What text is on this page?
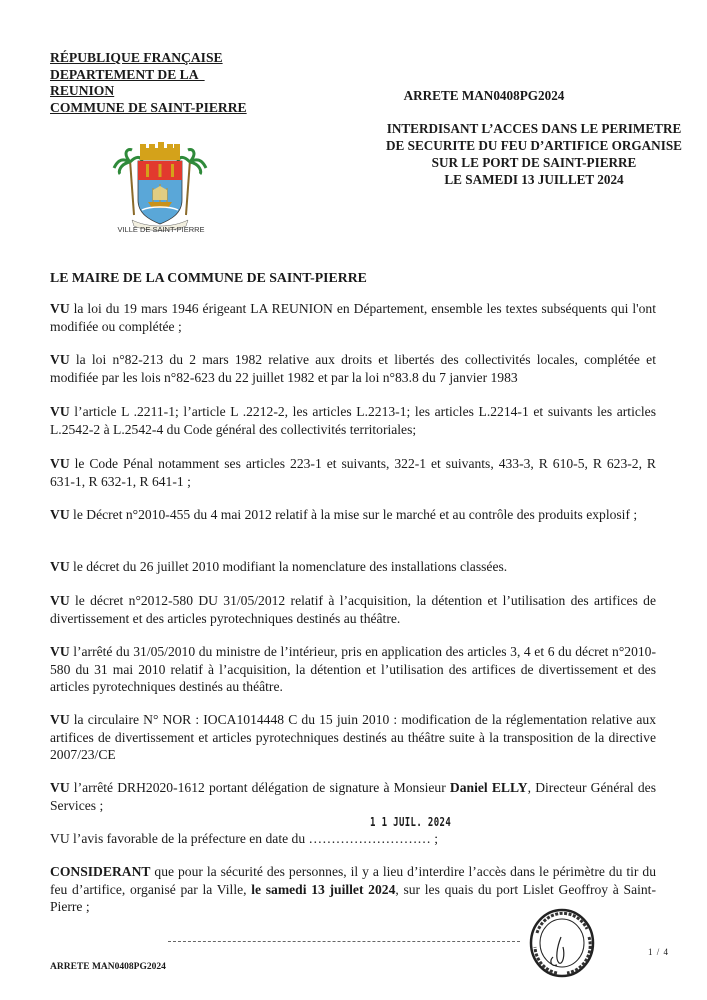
RÉPUBLIQUE FRANÇAISE
DEPARTEMENT DE LA
REUNION
COMMUNE DE SAINT-PIERRE
ARRETE MAN0408PG2024
INTERDISANT L’ACCES DANS LE PERIMETRE
DE SECURITE DU FEU D’ARTIFICE ORGANISE
SUR LE PORT DE SAINT-PIERRE
LE SAMEDI 13 JUILLET 2024
VILLE DE SAINT-PIERRE
LE MAIRE DE LA COMMUNE DE SAINT-PIERRE
VU la loi du 19 mars 1946 érigeant LA REUNION en Département, ensemble les textes subséquents qui l'ont modifiée ou complétée ;
VU la loi n°82-213 du 2 mars 1982 relative aux droits et libertés des collectivités locales, complétée et modifiée par les lois n°82-623 du 22 juillet 1982 et par la loi n°83.8 du 7 janvier 1983
VU l’article L .2211-1; l’article L .2212-2, les articles L.2213-1; les articles L.2214-1 et suivants les articles L.2542-2 à L.2542-4 du Code général des collectivités territoriales;
VU le Code Pénal notamment ses articles 223-1 et suivants, 322-1 et suivants, 433-3, R 610-5, R 623-2, R 631-1, R 632-1, R 641-1 ;
VU le Décret n°2010-455 du 4 mai 2012 relatif à la mise sur le marché et au contrôle des produits explosif ;
VU le décret du 26 juillet 2010 modifiant la nomenclature des installations classées.
VU le décret n°2012-580 DU 31/05/2012 relatif à l’acquisition, la détention et l’utilisation des artifices de divertissement et des articles pyrotechniques destinés au théâtre.
VU l’arrêté du 31/05/2010 du ministre de l’intérieur, pris en application des articles 3, 4 et 6 du décret n°2010-580 du 31 mai 2010 relatif à l’acquisition, la détention et l’utilisation des artifices de divertissement et des articles pyrotechniques destinés au théâtre.
VU la circulaire N° NOR : IOCA1014448 C du 15 juin 2010 : modification de la réglementation relative aux artifices de divertissement et articles pyrotechniques destinés au théâtre suite à la transposition de la directive 2007/23/CE
VU l’arrêté DRH2020-1612 portant délégation de signature à Monsieur Daniel ELLY, Directeur Général des Services ;
VU l’avis favorable de la préfecture en date du ……………………… ;
1 1 JUIL. 2024
CONSIDERANT que pour la sécurité des personnes, il y a lieu d’interdire l’accès dans le périmètre du tir du feu d’artifice, organisé par la Ville, le samedi 13 juillet 2024, sur les quais du port Lislet Geoffroy à Saint-Pierre ;
ARRETE MAN0408PG2024
1 / 4
